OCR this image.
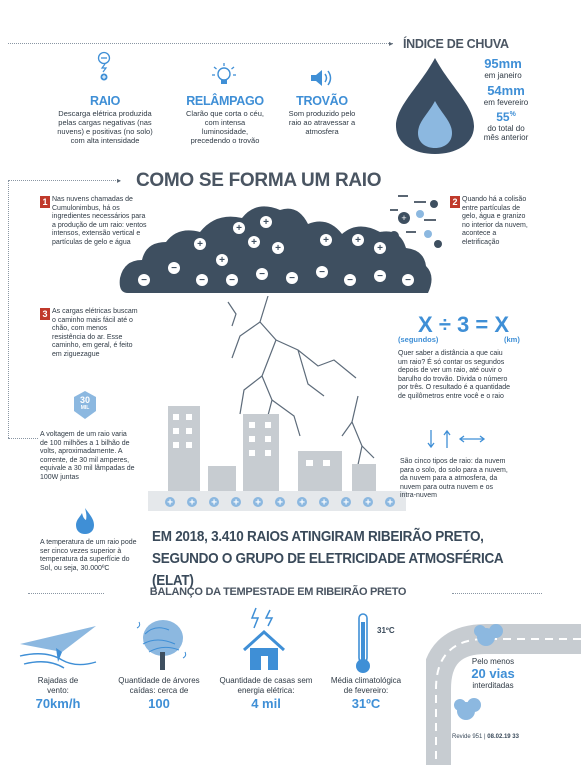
▸ ÍNDICE DE CHUVA
95mm
em janeiro
54mm
em fevereiro
55%
do total do
mês anterior
RAIO
Descarga elétrica produzida pelas cargas negativas (nas nuvens) e positivas (no solo) com alta intensidade
RELÂMPAGO
Clarão que corta o céu, com intensa luminosidade, precedendo o trovão
TROVÃO
Som produzido pelo raio ao atravessar a atmosfera
▸ COMO SE FORMA UM RAIO
1 Nas nuvens chamadas de Cumulonimbus, há os ingredientes necessários para a produção de um raio: ventos intensos, extensão vertical e partículas de gelo e água
2 Quando há a colisão entre partículas de gelo, água e granizo no interior da nuvem, acontece a eletrificação
+
+
+
+
+
+	+
+
+
+
−
−
− −
− −
−
− − −
3 As cargas elétricas buscam o caminho mais fácil até o chão, com menos resistência do ar. Esse caminho, em geral, é feito em ziguezague
+ + + + + + + + + + +
X ÷ 3 = X
(segundos)	(km)
Quer saber a distância a que caiu um raio? É só contar os segundos depois de ver um raio, até ouvir o barulho do trovão. Divida o número por três. O resultado é a quantidade de quilômetros entre você e o raio
São cinco tipos de raio: da nuvem para o solo, do solo para a nuvem, da nuvem para a atmosfera, da nuvem para outra nuvem e os intra-nuvem
30
MIL
A voltagem de um raio varia de 100 milhões a 1 bilhão de volts, aproximadamente. A corrente, de 30 mil amperes, equivale a 30 mil lâmpadas de 100W juntas
A temperatura de um raio pode ser cinco vezes superior à temperatura da superfície do Sol, ou seja, 30.000ºC
EM 2018, 3.410 RAIOS ATINGIRAM RIBEIRÃO PRETO,
SEGUNDO O GRUPO DE ELETRICIDADE ATMOSFÉRICA (ELAT)
BALANÇO DA TEMPESTADE EM RIBEIRÃO PRETO
Pelo menos
20 vias
interditadas
Rajadas de vento:
70km/h
Quantidade de árvores caídas: cerca de
100
Quantidade de casas sem energia elétrica:
4 mil
31ºC
Média climatológica de fevereiro:
31ºC
Revide 951 | 08.02.19 33
